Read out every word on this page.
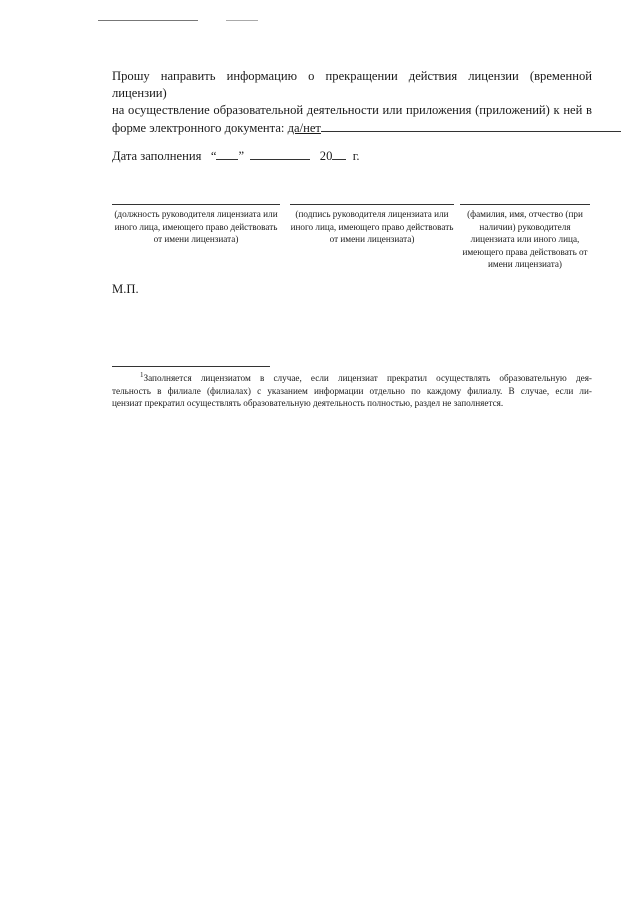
Прошу направить информацию о прекращении действия лицензии (временной лицензии)
на осуществление образовательной деятельности или приложения (приложений) к ней в
форме электронного документа: да/нет
Дата заполнения “ ”	20 г.
(должность руководителя лицензиата или иного лица, имеющего право действовать от имени лицензиата)
(подпись руководителя лицензиата или иного лица, имеющего право действовать от имени лицензиата)
(фамилия, имя, отчество (при наличии) руководителя лицензиата или иного лица, имеющего права действовать от имени лицензиата)
М.П.
$^1$Заполняется лицензиатом в случае, если лицензиат прекратил осуществлять образовательную дея-
тельность в филиале (филиалах) с указанием информации отдельно по каждому филиалу. В случае, если ли-
цензиат прекратил осуществлять образовательную деятельность полностью, раздел не заполняется.
